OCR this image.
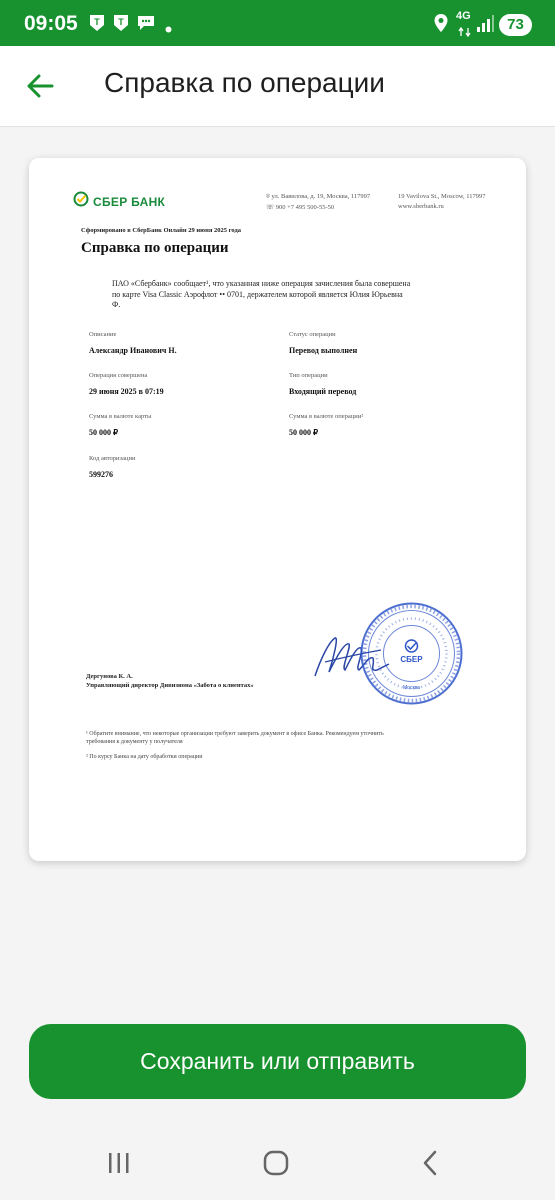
09:05 T T	4G	73
Справка по операции
СБЕР БАНК	⌾ ул. Вавилова, д. 19, Москва, 117997
☏ 900 +7 495 500-55-50
19 Vavilova St., Moscow, 117997
www.sberbank.ru
Сформировано в СберБанк Онлайн 29 июня 2025 года
Справка по операции
ПАО «Сбербанк» сообщает¹, что указанная ниже операция зачисления была совершена по карте Visa Classic Аэрофлот •• 0701, держателем которой является Юлия Юрьевна Ф.
Описание
Александр Иванович Н.
Статус операции
Перевод выполнен
Операция совершена
29 июня 2025 в 07:19
Тип операции
Входящий перевод
Сумма в валюте карты
50 000 ₽
Сумма в валюте операции²
50 000 ₽
Код авторизации
599276
СБЕР
Москва
Дергунова К. А.
Управляющий директор Дивизиона «Забота о клиентах»
¹ Обратите внимание, что некоторые организации требуют заверить документ в офисе Банка. Рекомендуем уточнить требования к документу у получателя
² По курсу Банка на дату обработки операции
Сохранить или отправить
